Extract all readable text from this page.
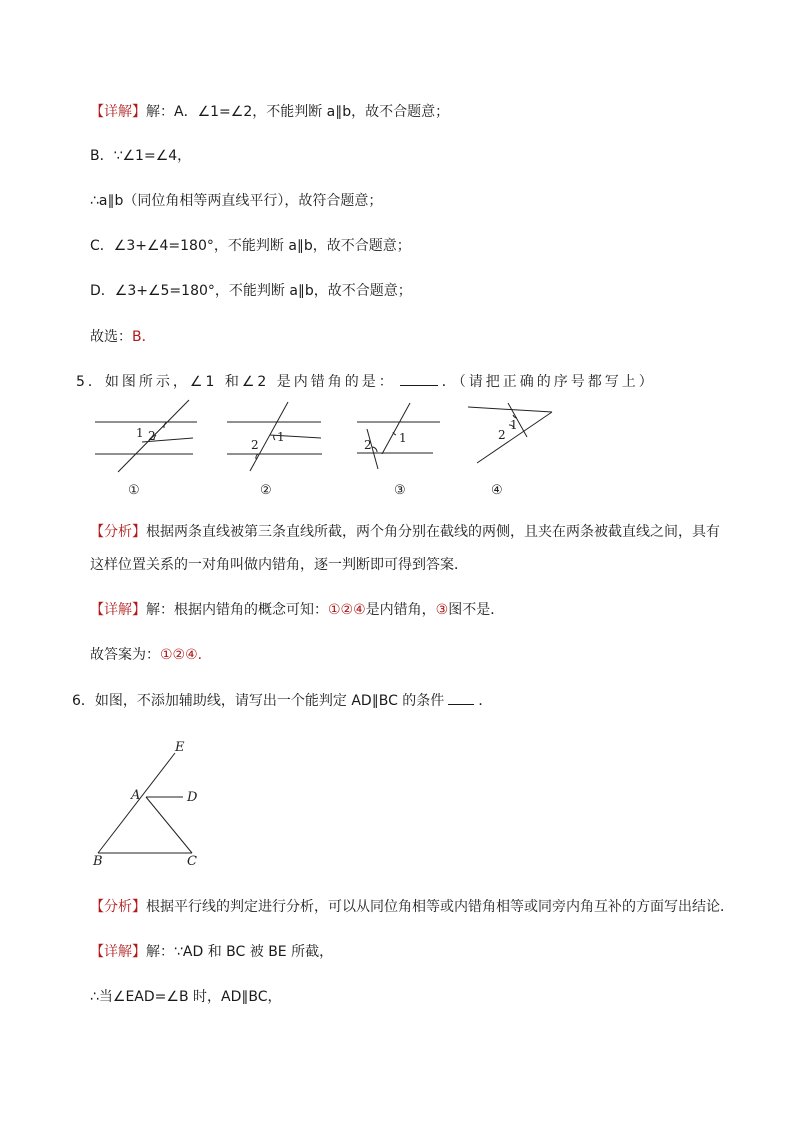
【详解】解：A．∠1=∠2，不能判断 a∥b，故不合题意；
B．∵∠1=∠4，
∴a∥b（同位角相等两直线平行），故符合题意；
C．∠3+∠4=180°，不能判断 a∥b，故不合题意；
D．∠3+∠5=180°，不能判断 a∥b，故不合题意；
故选：B．
5．如图所示，∠1 和∠2 是内错角的是：	．（请把正确的序号都写上）
1 2
①
1
2
②
1
2
③
1
2
④
【分析】根据两条直线被第三条直线所截，两个角分别在截线的两侧，且夹在两条被截直线之间，具有
这样位置关系的一对角叫做内错角，逐一判断即可得到答案．
【详解】解：根据内错角的概念可知：①②④是内错角，③图不是．
故答案为：①②④．
6．如图，不添加辅助线，请写出一个能判定 AD∥BC 的条件 ．
E
A	D
B	C
【分析】根据平行线的判定进行分析，可以从同位角相等或内错角相等或同旁内角互补的方面写出结论．
【详解】解：∵AD 和 BC 被 BE 所截，
∴当∠EAD=∠B 时，AD∥BC，
